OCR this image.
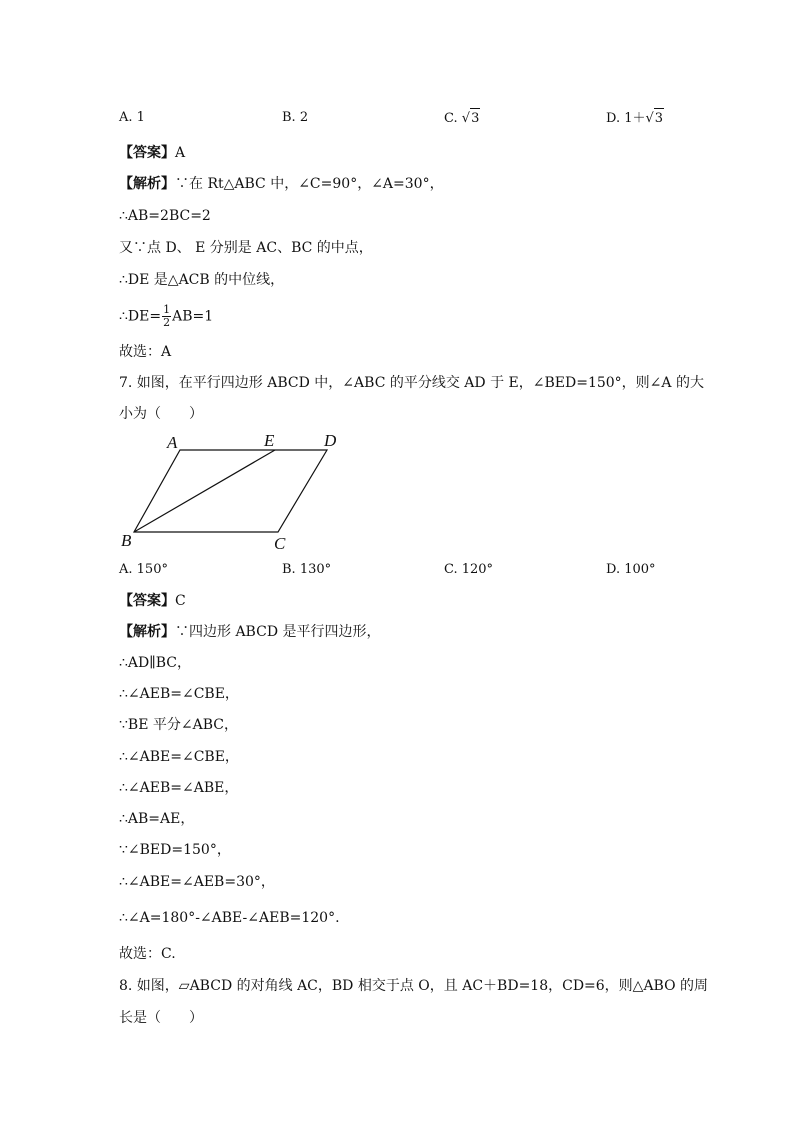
A. 1	B. 2	C. √3	D. 1＋√3
【答案】A
【解析】∵在 Rt△ABC 中，∠C=90°，∠A=30°，
∴AB=2BC=2
又∵点 D、 E 分别是 AC、BC 的中点，
∴DE 是△ACB 的中位线，
∴DE= $\frac{1}{2} AB=1$
故选：A
7. 如图，在平行四边形 ABCD 中，∠ABC 的平分线交 AD 于 E，∠BED=150°，则∠A 的大
小为（　　）
A	E	D
B	C
A. 150°	B. 130°	C. 120°	D. 100°
【答案】C
【解析】∵四边形 ABCD 是平行四边形，
∴AD∥BC，
∴∠AEB=∠CBE，
∵BE 平分∠ABC，
∴∠ABE=∠CBE，
∴∠AEB=∠ABE，
∴AB=AE，
∵∠BED=150°，
∴∠ABE=∠AEB=30°，
∴∠A=180°-∠ABE-∠AEB=120°.
故选：C.
8. 如图，▱ABCD 的对角线 AC，BD 相交于点 O，且 AC＋BD=18，CD=6，则△ABO 的周
长是（　　）
